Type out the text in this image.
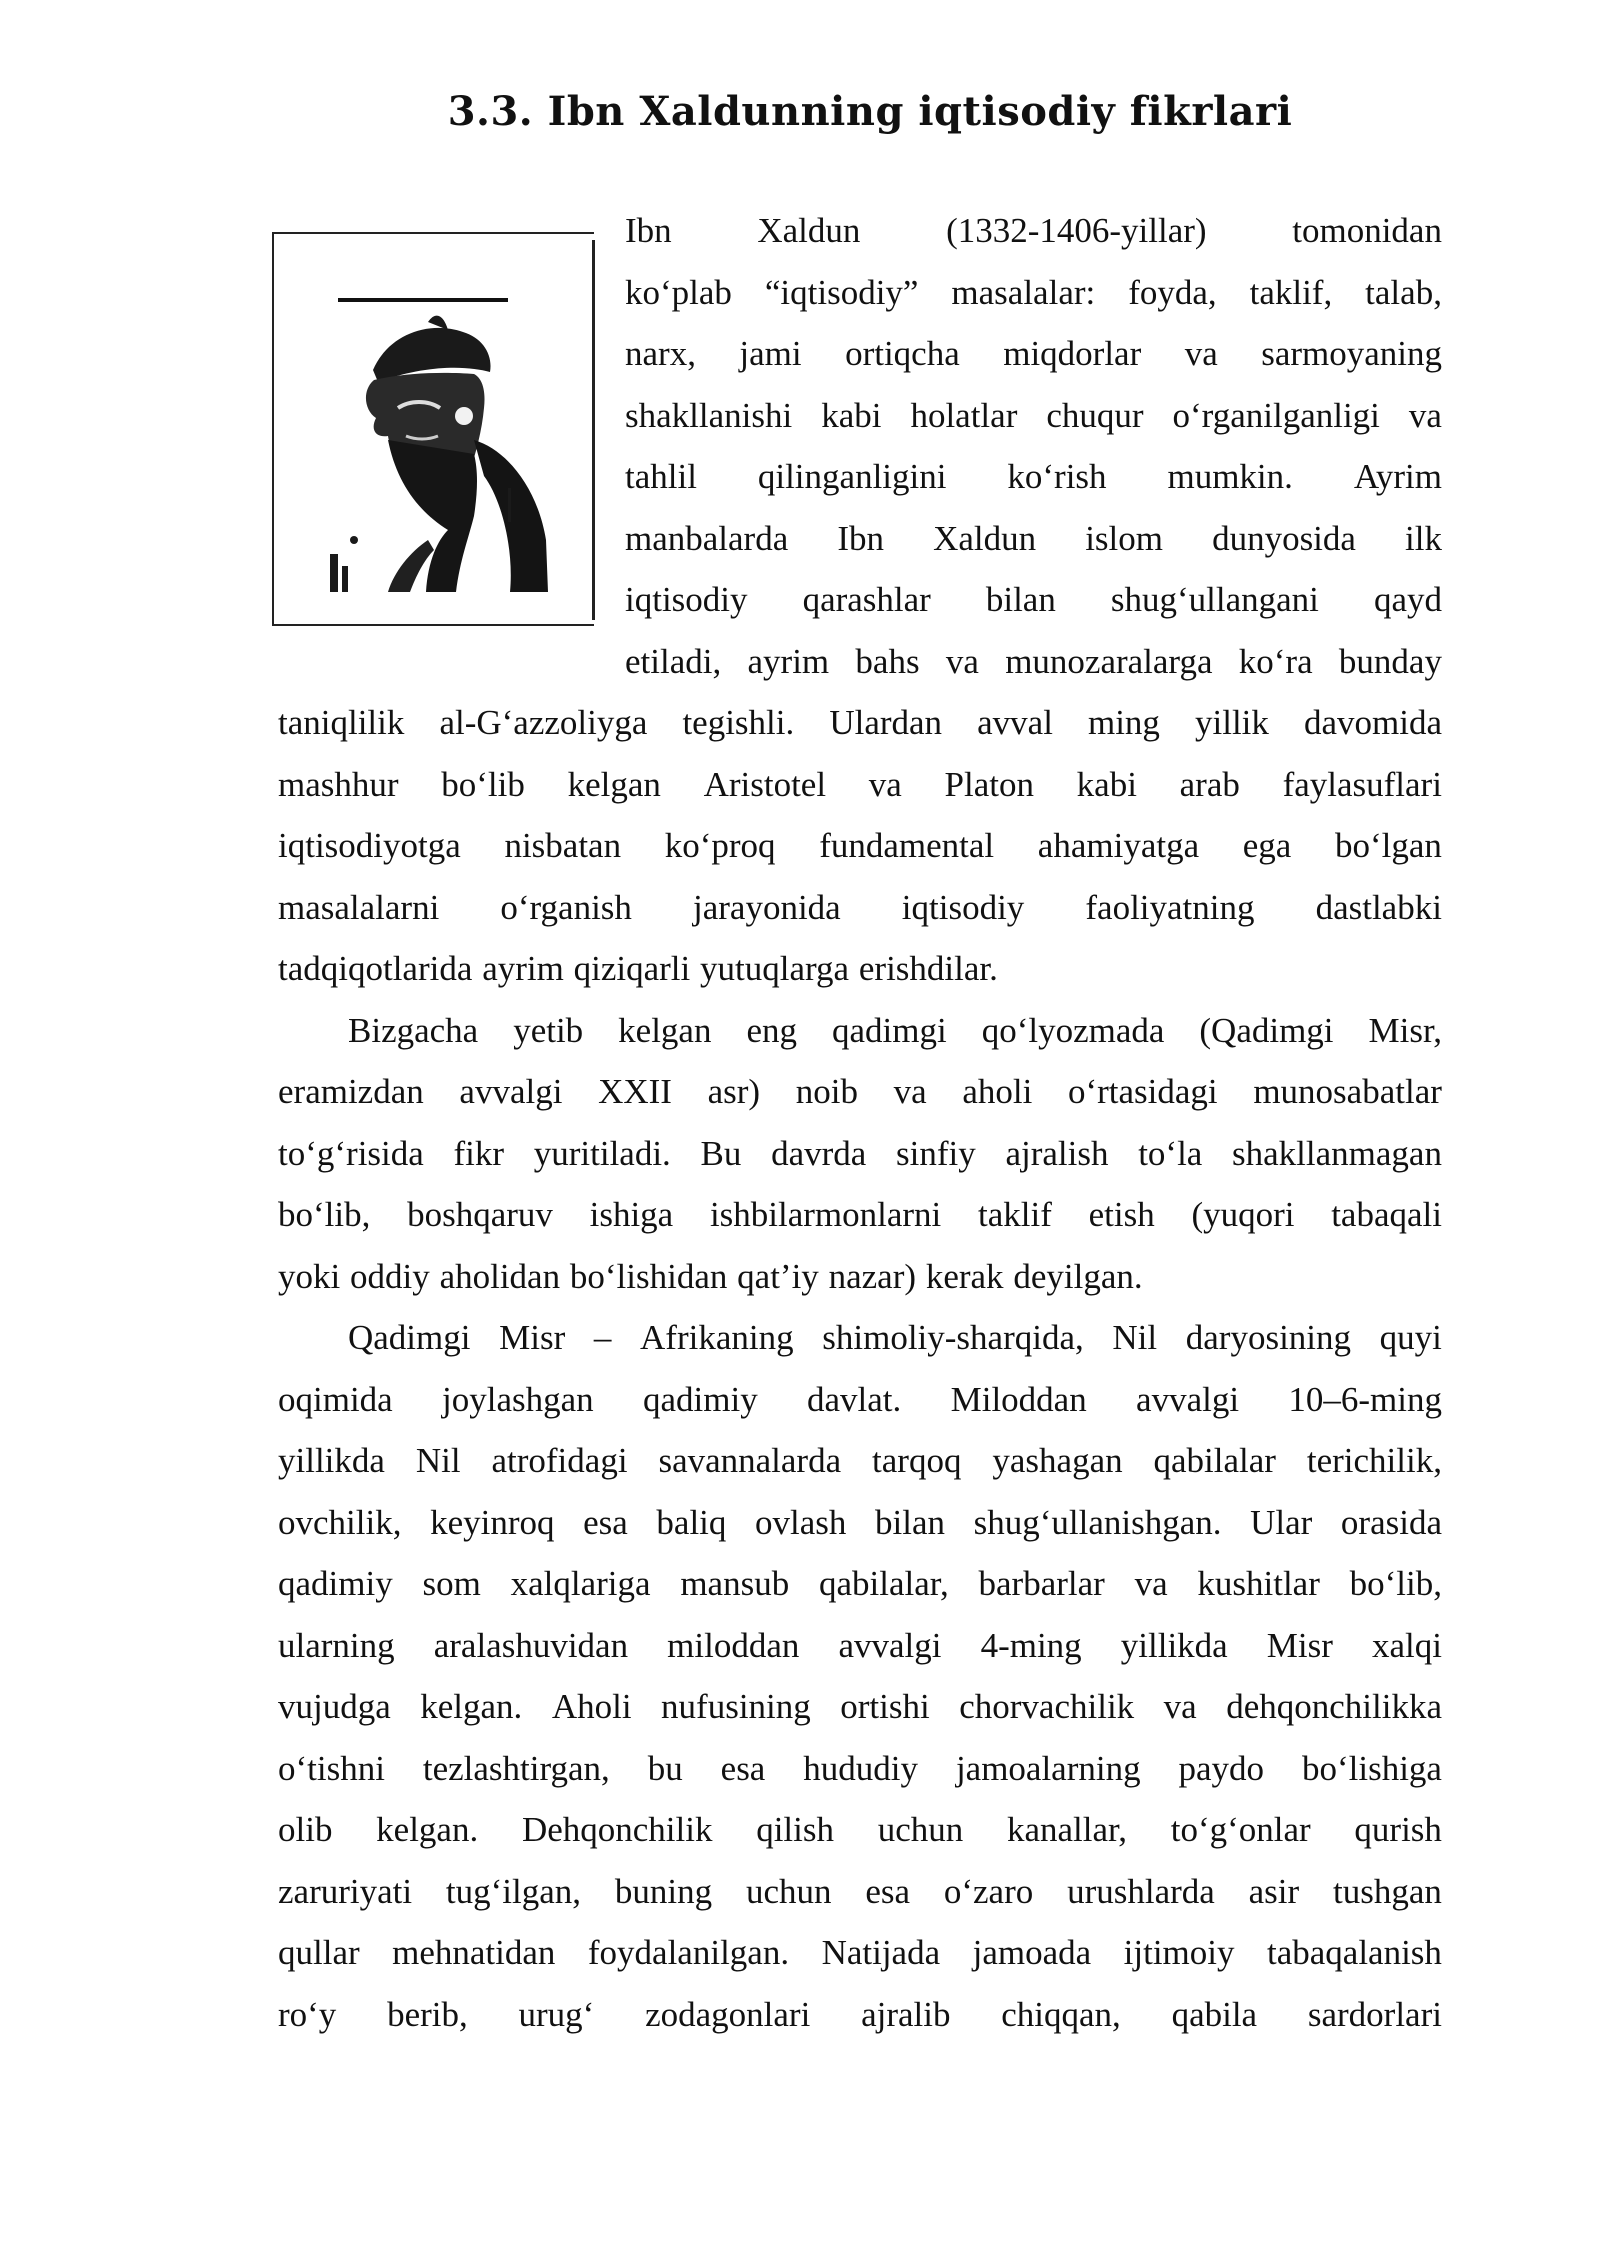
3.3. Ibn Xaldunning iqtisodiy fikrlari
Ibn Xaldun (1332-1406-yillar) tomonidan
ko‘plab “iqtisodiy” masalalar: foyda, taklif, talab,
narx, jami ortiqcha miqdorlar va sarmoyaning
shakllanishi kabi holatlar chuqur o‘rganilganligi va
tahlil qilinganligini ko‘rish mumkin. Ayrim
manbalarda Ibn Xaldun islom dunyosida ilk
iqtisodiy qarashlar bilan shug‘ullangani qayd
etiladi, ayrim bahs va munozaralarga ko‘ra bunday
taniqlilik al-G‘azzoliyga tegishli. Ulardan avval ming yillik davomida
mashhur bo‘lib kelgan Aristotel va Platon kabi arab faylasuflari
iqtisodiyotga nisbatan ko‘proq fundamental ahamiyatga ega bo‘lgan
masalalarni o‘rganish jarayonida iqtisodiy faoliyatning dastlabki
tadqiqotlarida ayrim qiziqarli yutuqlarga erishdilar.
Bizgacha yetib kelgan eng qadimgi qo‘lyozmada (Qadimgi Misr,
eramizdan avvalgi XXII asr) noib va aholi o‘rtasidagi munosabatlar
to‘g‘risida fikr yuritiladi. Bu davrda sinfiy ajralish to‘la shakllanmagan
bo‘lib, boshqaruv ishiga ishbilarmonlarni taklif etish (yuqori tabaqali
yoki oddiy aholidan bo‘lishidan qat’iy nazar) kerak deyilgan.
Qadimgi Misr – Afrikaning shimoliy-sharqida, Nil daryosining quyi
oqimida joylashgan qadimiy davlat. Miloddan avvalgi 10–6-ming
yillikda Nil atrofidagi savannalarda tarqoq yashagan qabilalar terichilik,
ovchilik, keyinroq esa baliq ovlash bilan shug‘ullanishgan. Ular orasida
qadimiy som xalqlariga mansub qabilalar, barbarlar va kushitlar bo‘lib,
ularning aralashuvidan miloddan avvalgi 4-ming yillikda Misr xalqi
vujudga kelgan. Aholi nufusining ortishi chorvachilik va dehqonchilikka
o‘tishni tezlashtirgan, bu esa hududiy jamoalarning paydo bo‘lishiga
olib kelgan. Dehqonchilik qilish uchun kanallar, to‘g‘onlar qurish
zaruriyati tug‘ilgan, buning uchun esa o‘zaro urushlarda asir tushgan
qullar mehnatidan foydalanilgan. Natijada jamoada ijtimoiy tabaqalanish
ro‘y berib, urug‘ zodagonlari ajralib chiqqan, qabila sardorlari
